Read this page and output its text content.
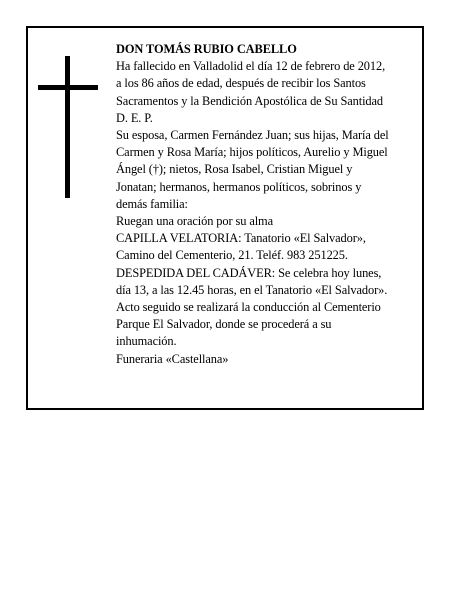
DON TOMÁS RUBIO CABELLO
Ha fallecido en Valladolid el día 12 de febrero de 2012,
a los 86 años de edad, después de recibir los Santos
Sacramentos y la Bendición Apostólica de Su Santidad
D. E. P.
Su esposa, Carmen Fernández Juan; sus hijas, María del
Carmen y Rosa María; hijos políticos, Aurelio y Miguel
Ángel (†); nietos, Rosa Isabel, Cristian Miguel y
Jonatan; hermanos, hermanos políticos, sobrinos y
demás familia:
Ruegan una oración por su alma
CAPILLA VELATORIA: Tanatorio «El Salvador»,
Camino del Cementerio, 21. Teléf. 983 251225.
DESPEDIDA DEL CADÁVER: Se celebra hoy lunes,
día 13, a las 12.45 horas, en el Tanatorio «El Salvador».
Acto seguido se realizará la conducción al Cementerio
Parque El Salvador, donde se procederá a su
inhumación.
Funeraria «Castellana»
